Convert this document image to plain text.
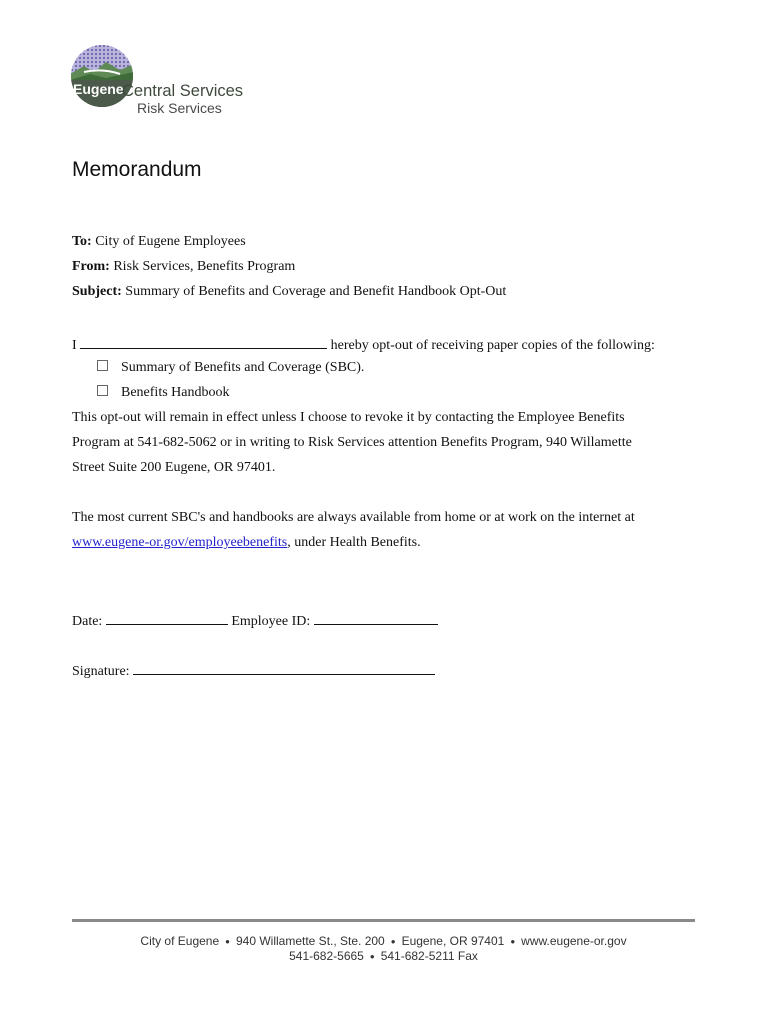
Eugene
Central Services
Risk Services
Memorandum
To: City of Eugene Employees
From: Risk Services, Benefits Program
Subject: Summary of Benefits and Coverage and Benefit Handbook Opt-Out
I	hereby opt-out of receiving paper copies of the following:
Summary of Benefits and Coverage (SBC).
Benefits Handbook
This opt-out will remain in effect unless I choose to revoke it by contacting the Employee Benefits
Program at 541-682-5062 or in writing to Risk Services attention Benefits Program, 940 Willamette
Street Suite 200 Eugene, OR 97401.
The most current SBC's and handbooks are always available from home or at work on the internet at
www.eugene-or.gov/employeebenefits, under Health Benefits.
Date:	Employee ID:
Signature:
City of Eugene ● 940 Willamette St., Ste. 200 ● Eugene, OR 97401 ● www.eugene-or.gov
541-682-5665 ● 541-682-5211 Fax
